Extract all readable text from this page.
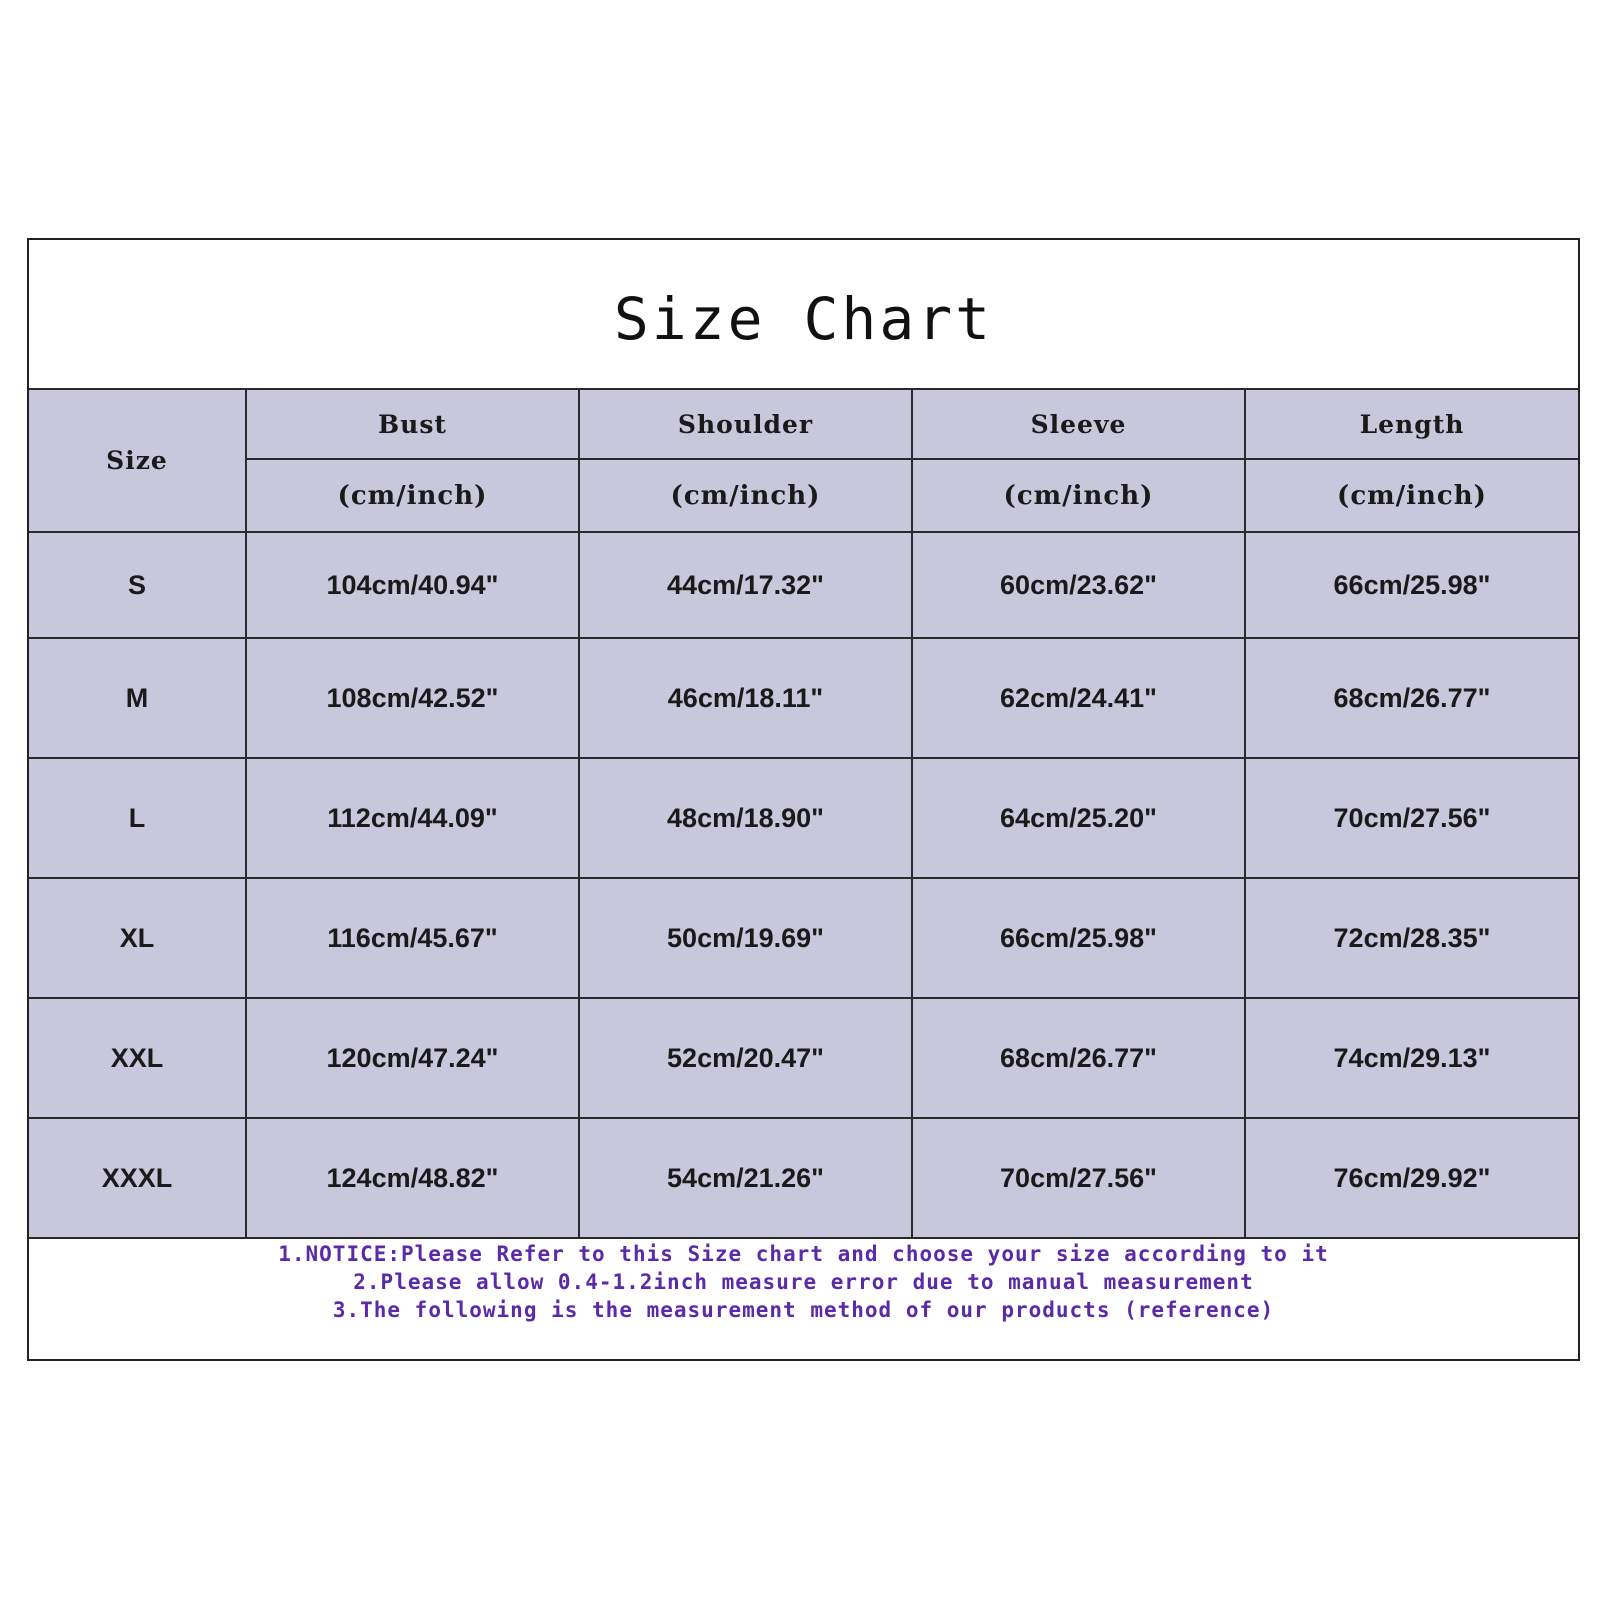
Size Chart
Size	Bust	Shoulder	Sleeve	Length
	(cm/inch)	(cm/inch)	(cm/inch)	(cm/inch)
S	104cm/40.94"	44cm/17.32"	60cm/23.62"	66cm/25.98"
M	108cm/42.52"	46cm/18.11"	62cm/24.41"	68cm/26.77"
L	112cm/44.09"	48cm/18.90"	64cm/25.20"	70cm/27.56"
XL	116cm/45.67"	50cm/19.69"	66cm/25.98"	72cm/28.35"
XXL	120cm/47.24"	52cm/20.47"	68cm/26.77"	74cm/29.13"
XXXL	124cm/48.82"	54cm/21.26"	70cm/27.56"	76cm/29.92"
1.NOTICE:Please Refer to this Size chart and choose your size according to it
2.Please allow 0.4-1.2inch measure error due to manual measurement
3.The following is the measurement method of our products (reference)
